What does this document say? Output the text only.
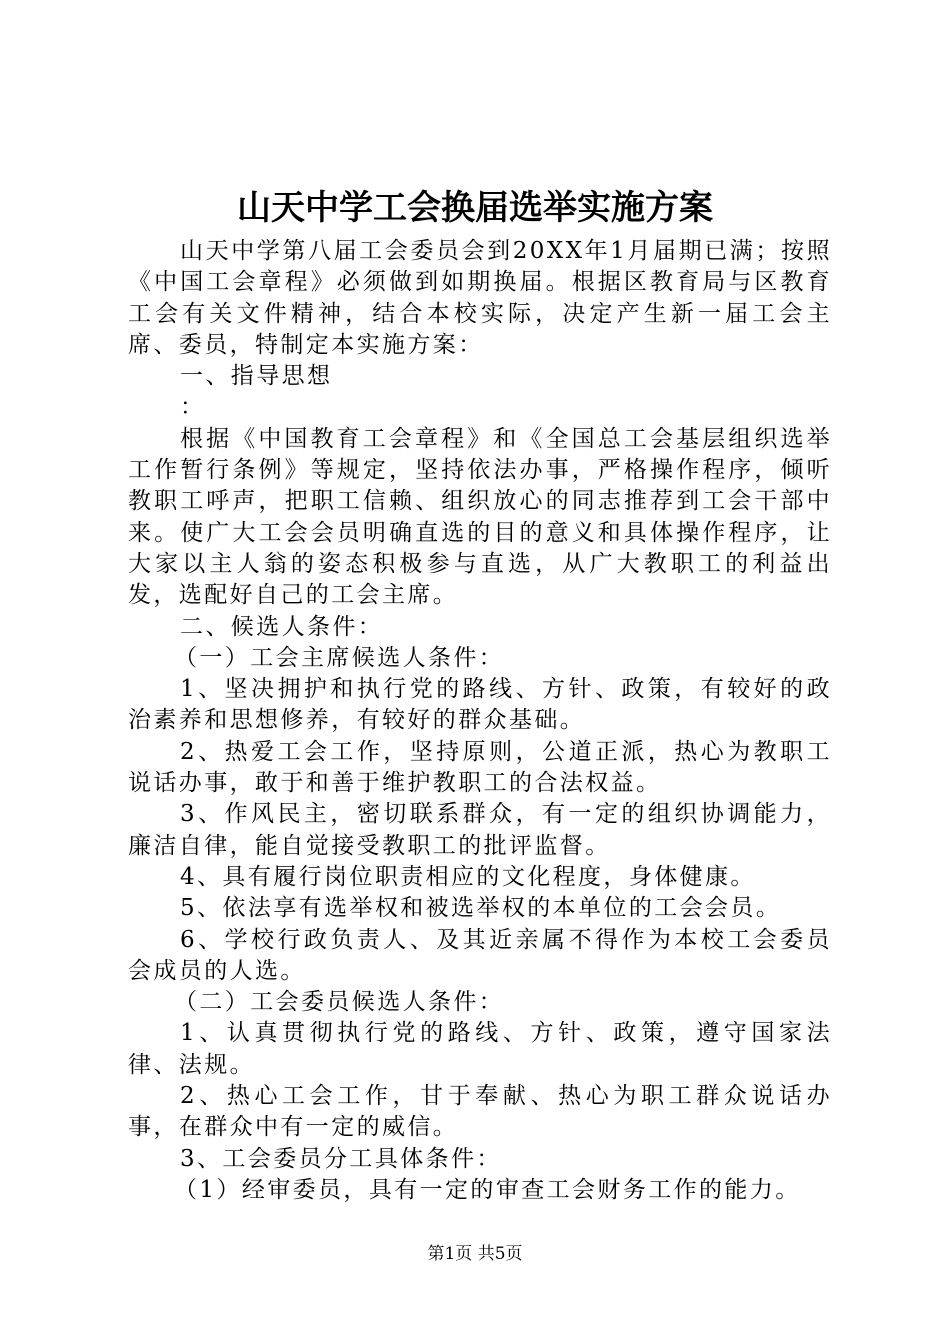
山天中学工会换届选举实施方案

山天中学第八届工会委员会到20XX年1月届期已满；按照《中国工会章程》必须做到如期换届。根据区教育局与区教育工会有关文件精神，结合本校实际，决定产生新一届工会主席、委员，特制定本实施方案：

一、指导思想

：

根据《中国教育工会章程》和《全国总工会基层组织选举工作暂行条例》等规定，坚持依法办事，严格操作程序，倾听教职工呼声，把职工信赖、组织放心的同志推荐到工会干部中来。使广大工会会员明确直选的目的意义和具体操作程序，让大家以主人翁的姿态积极参与直选，从广大教职工的利益出发，选配好自己的工会主席。

二、候选人条件：

（一）工会主席候选人条件：

1、坚决拥护和执行党的路线、方针、政策，有较好的政治素养和思想修养，有较好的群众基础。

2、热爱工会工作，坚持原则，公道正派，热心为教职工说话办事，敢于和善于维护教职工的合法权益。

3、作风民主，密切联系群众，有一定的组织协调能力，廉洁自律，能自觉接受教职工的批评监督。

4、具有履行岗位职责相应的文化程度，身体健康。

5、依法享有选举权和被选举权的本单位的工会会员。

6、学校行政负责人、及其近亲属不得作为本校工会委员会成员的人选。

（二）工会委员候选人条件：

1、认真贯彻执行党的路线、方针、政策，遵守国家法律、法规。

2、热心工会工作，甘于奉献、热心为职工群众说话办事，在群众中有一定的威信。

3、工会委员分工具体条件：

（1）经审委员，具有一定的审查工会财务工作的能力。

第1页 共5页
